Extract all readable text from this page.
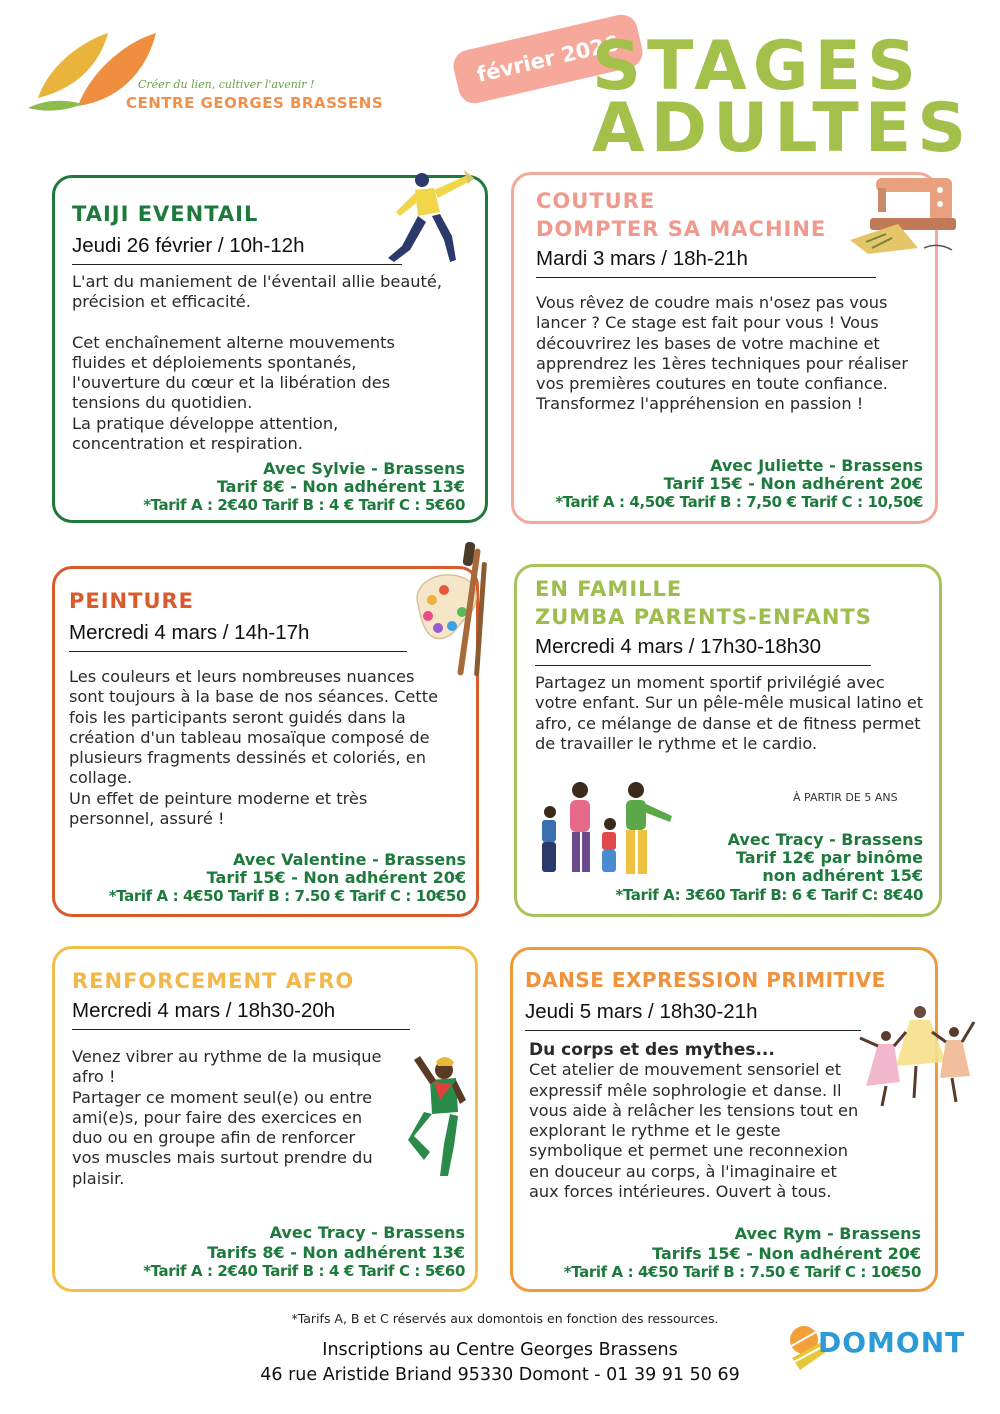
Créer du lien, cultiver l'avenir !
CENTRE GEORGES BRASSENS
février 2026
STAGES
ADULTES
TAIJI EVENTAIL
Jeudi 26 février / 10h-12h

L'art du maniement de l'éventail allie beauté, précision et efficacité.

Cet enchaînement alterne mouvements fluides et déploiements spontanés, l'ouverture du cœur et la libération des tensions du quotidien.
La pratique développe attention, concentration et respiration.

Avec Sylvie - Brassens
Tarif 8€ - Non adhérent 13€
*Tarif A : 2€40 Tarif B : 4 € Tarif C : 5€60
COUTURE
DOMPTER SA MACHINE
Mardi 3 mars / 18h-21h

Vous rêvez de coudre mais n'osez pas vous lancer ? Ce stage est fait pour vous ! Vous découvrirez les bases de votre machine et apprendrez les 1ères techniques pour réaliser vos premières coutures en toute confiance. Transformez l'appréhension en passion !

Avec Juliette - Brassens
Tarif 15€ - Non adhérent 20€
*Tarif A : 4,50€ Tarif B : 7,50 € Tarif C : 10,50€
PEINTURE
Mercredi 4 mars / 14h-17h

Les couleurs et leurs nombreuses nuances sont toujours à la base de nos séances. Cette fois les participants seront guidés dans la création d'un tableau mosaïque composé de plusieurs fragments dessinés et coloriés, en collage.
Un effet de peinture moderne et très personnel, assuré !

Avec Valentine - Brassens
Tarif 15€ - Non adhérent 20€
*Tarif A : 4€50 Tarif B : 7.50 € Tarif C : 10€50
EN FAMILLE
ZUMBA PARENTS-ENFANTS
Mercredi 4 mars / 17h30-18h30

Partagez un moment sportif privilégié avec votre enfant. Sur un pêle-mêle musical latino et afro, ce mélange de danse et de fitness permet de travailler le rythme et le cardio.

À PARTIR DE 5 ANS
Avec Tracy - Brassens
Tarif 12€ par binôme
non adhérent 15€
*Tarif A: 3€60 Tarif B: 6 € Tarif C: 8€40
RENFORCEMENT AFRO
Mercredi 4 mars / 18h30-20h

Venez vibrer au rythme de la musique afro !
Partager ce moment seul(e) ou entre ami(e)s, pour faire des exercices en duo ou en groupe afin de renforcer vos muscles mais surtout prendre du plaisir.

Avec Tracy - Brassens
Tarifs 8€ - Non adhérent 13€
*Tarif A : 2€40 Tarif B : 4 € Tarif C : 5€60
DANSE EXPRESSION PRIMITIVE
Jeudi 5 mars / 18h30-21h

Du corps et des mythes...

Cet atelier de mouvement sensoriel et expressif mêle sophrologie et danse. Il vous aide à relâcher les tensions tout en explorant le rythme et le geste symbolique et permet une reconnexion en douceur au corps, à l'imaginaire et aux forces intérieures. Ouvert à tous.

Avec Rym - Brassens
Tarifs 15€ - Non adhérent 20€
*Tarif A : 4€50 Tarif B : 7.50 € Tarif C : 10€50
*Tarifs A, B et C réservés aux domontois en fonction des ressources.
Inscriptions au Centre Georges Brassens
46 rue Aristide Briand 95330 Domont - 01 39 91 50 69
DOMONT
